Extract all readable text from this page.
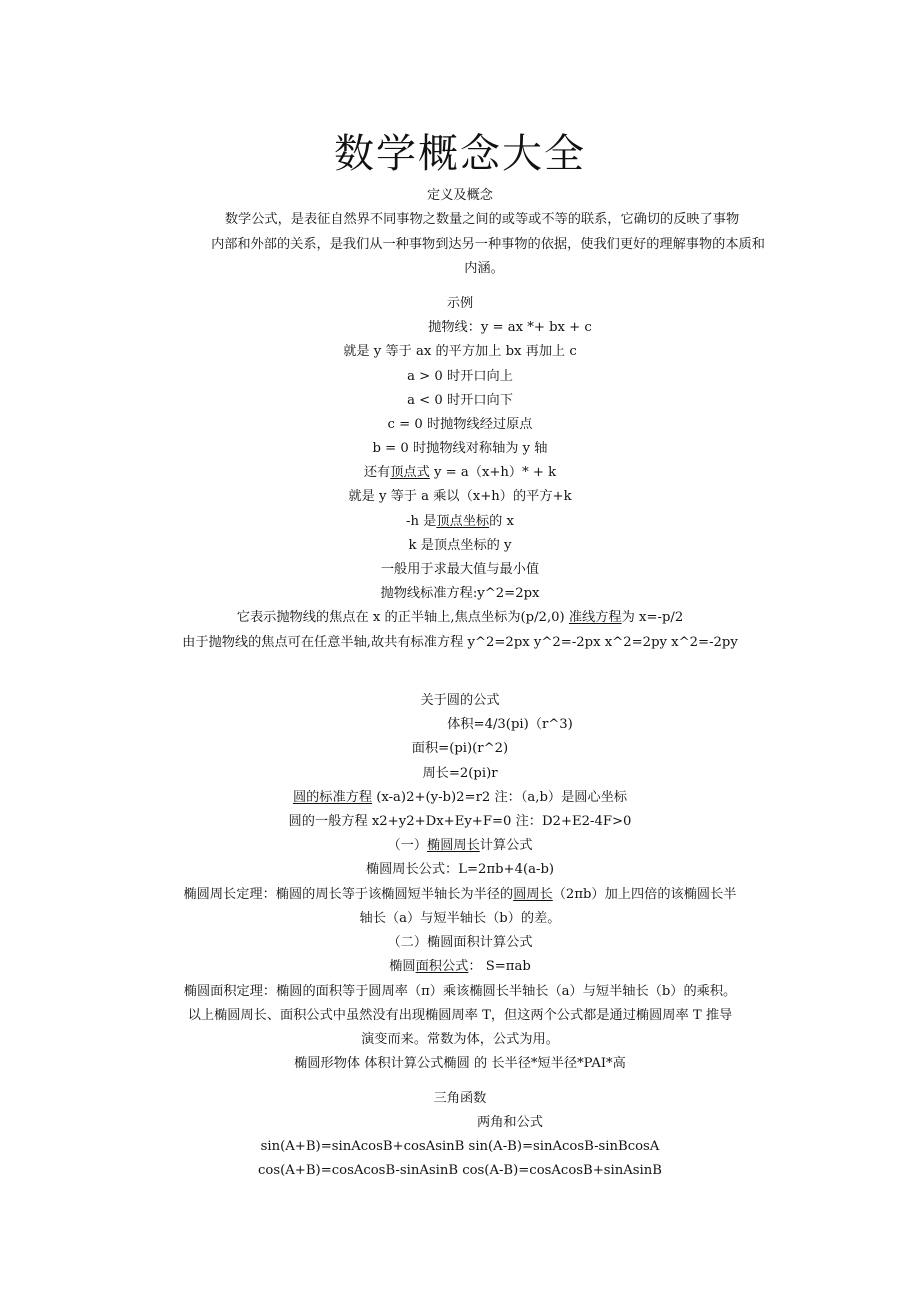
数学概念大全
定义及概念
数学公式，是表征自然界不同事物之数量之间的或等或不等的联系，它确切的反映了事物
内部和外部的关系，是我们从一种事物到达另一种事物的依据，使我们更好的理解事物的本质和
内涵。
示例
抛物线：y = ax *+ bx + c
就是 y 等于 ax 的平方加上 bx 再加上 c
a > 0 时开口向上
a < 0 时开口向下
c = 0 时抛物线经过原点
b = 0 时抛物线对称轴为 y 轴
还有顶点式 y = a（x+h）* + k
就是 y 等于 a 乘以（x+h）的平方+k
-h 是顶点坐标的 x
k 是顶点坐标的 y
一般用于求最大值与最小值
抛物线标准方程:y^2=2px
它表示抛物线的焦点在 x 的正半轴上,焦点坐标为(p/2,0) 准线方程为 x=-p/2
由于抛物线的焦点可在任意半轴,故共有标准方程 y^2=2px y^2=-2px x^2=2py x^2=-2py
关于圆的公式
体积=4/3(pi)（r^3)
面积=(pi)(r^2)
周长=2(pi)r
圆的标准方程 (x-a)2+(y-b)2=r2 注：（a,b）是圆心坐标
圆的一般方程 x2+y2+Dx+Ey+F=0 注：D2+E2-4F>0
（一）椭圆周长计算公式
椭圆周长公式：L=2πb+4(a-b)
椭圆周长定理：椭圆的周长等于该椭圆短半轴长为半径的圆周长（2πb）加上四倍的该椭圆长半
轴长（a）与短半轴长（b）的差。
（二）椭圆面积计算公式
椭圆面积公式： S=πab
椭圆面积定理：椭圆的面积等于圆周率（π）乘该椭圆长半轴长（a）与短半轴长（b）的乘积。
以上椭圆周长、面积公式中虽然没有出现椭圆周率 T，但这两个公式都是通过椭圆周率 T 推导
演变而来。常数为体，公式为用。
椭圆形物体 体积计算公式椭圆 的 长半径*短半径*PAI*高
三角函数
两角和公式
sin(A+B)=sinAcosB+cosAsinB sin(A-B)=sinAcosB-sinBcosA
cos(A+B)=cosAcosB-sinAsinB cos(A-B)=cosAcosB+sinAsinB
